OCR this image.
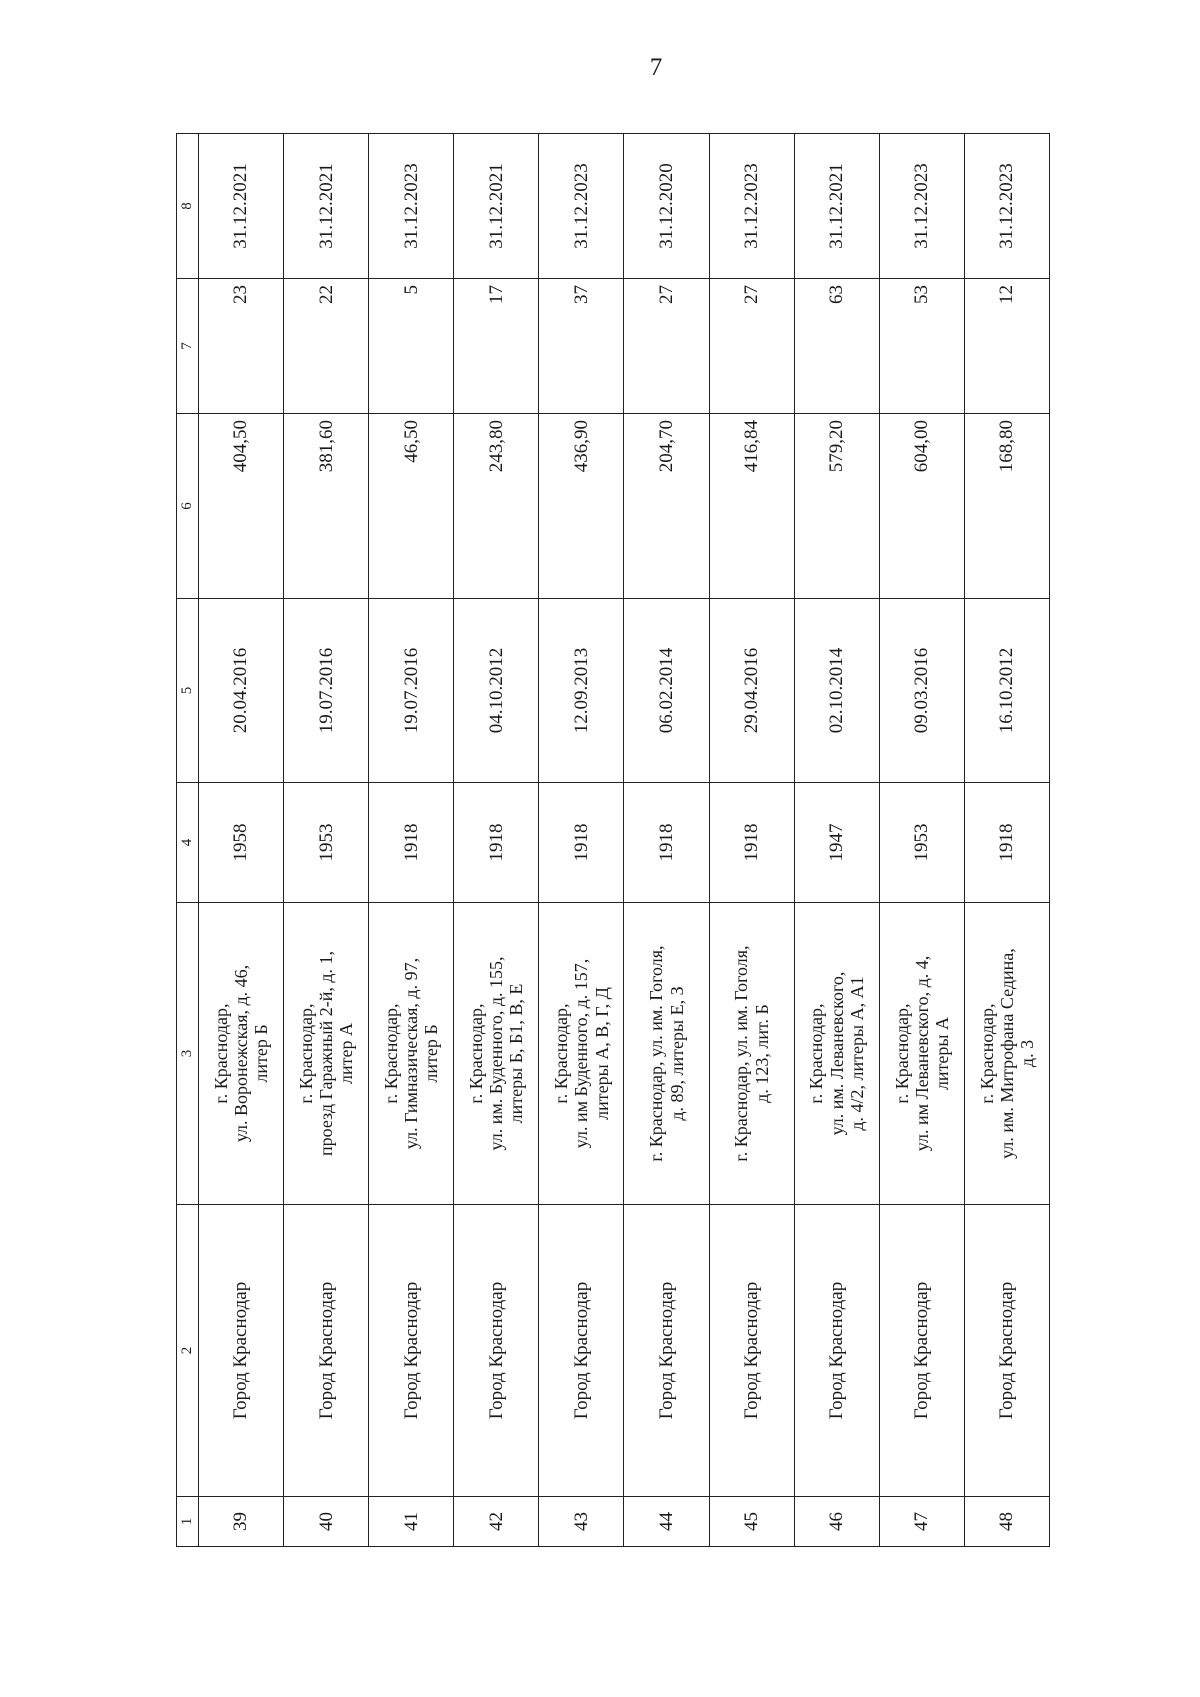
7
1	2	3	4	5	6	7	8
39	Город Краснодар	г. Краснодар,
ул. Воронежская, д. 46,
литер Б	1958	20.04.2016	404,50	23	31.12.2021
40	Город Краснодар	г. Краснодар,
проезд Гаражный 2-й, д. 1,
литер А	1953	19.07.2016	381,60	22	31.12.2021
41	Город Краснодар	г. Краснодар,
ул. Гимназическая, д. 97,
литер Б	1918	19.07.2016	46,50	5	31.12.2023
42	Город Краснодар	г. Краснодар,
ул. им. Буденного, д. 155,
литеры Б, Б1, В, Е	1918	04.10.2012	243,80	17	31.12.2021
43	Город Краснодар	г. Краснодар,
ул. им Буденного, д. 157,
литеры А, В, Г, Д	1918	12.09.2013	436,90	37	31.12.2023
44	Город Краснодар	г. Краснодар, ул. им. Гоголя,
д. 89, литеры Е, З	1918	06.02.2014	204,70	27	31.12.2020
45	Город Краснодар	г. Краснодар, ул. им. Гоголя,
д. 123, лит. Б	1918	29.04.2016	416,84	27	31.12.2023
46	Город Краснодар	г. Краснодар,
ул. им. Леваневского,
д. 4/2, литеры А, А1	1947	02.10.2014	579,20	63	31.12.2021
47	Город Краснодар	г. Краснодар,
ул. им Леваневского, д. 4,
литеры А	1953	09.03.2016	604,00	53	31.12.2023
48	Город Краснодар	г. Краснодар,
ул. им. Митрофана Седина,
д. 3	1918	16.10.2012	168,80	12	31.12.2023
